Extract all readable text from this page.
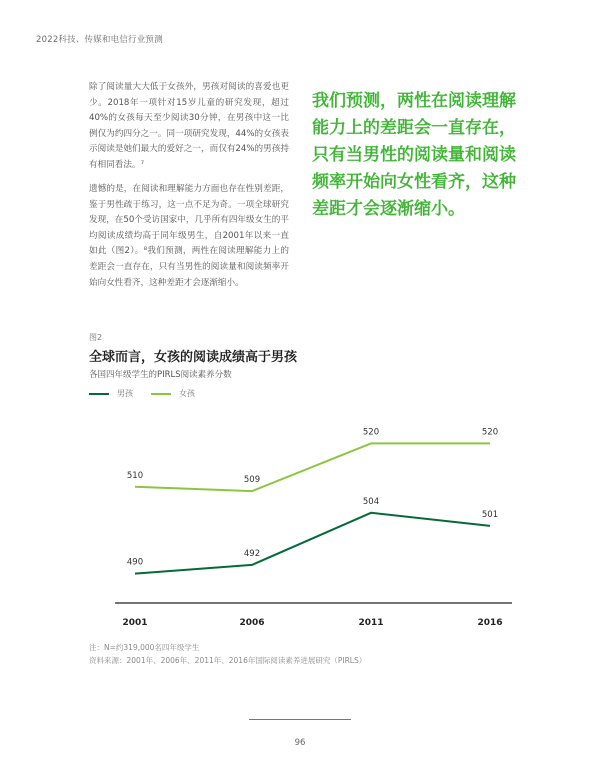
2022科技、传媒和电信行业预测
除了阅读量大大低于女孩外，男孩对阅读的喜爱也更少。2018年一项针对15岁儿童的研究发现，超过40%的女孩每天至少阅读30分钟，在男孩中这一比例仅为约四分之一。同一项研究发现，44%的女孩表示阅读是她们最大的爱好之一，而仅有24%的男孩持有相同看法。⁷
遗憾的是，在阅读和理解能力方面也存在性别差距，鉴于男性疏于练习，这一点不足为奇。一项全球研究发现，在50个受访国家中，几乎所有四年级女生的平均阅读成绩均高于同年级男生，自2001年以来一直如此（图2）。⁸我们预测，两性在阅读理解能力上的差距会一直存在，只有当男性的阅读量和阅读频率开始向女性看齐，这种差距才会逐渐缩小。
我们预测，两性在阅读理解能力上的差距会一直存在，只有当男性的阅读量和阅读频率开始向女性看齐，这种差距才会逐渐缩小。
图2
全球而言，女孩的阅读成绩高于男孩
各国四年级学生的PIRLS阅读素养分数
男孩	女孩
2001	2006	2011	2016
490
492
504
501
510	509
520	520
注：N=约319,000名四年级学生
资料来源：2001年、2006年、2011年、2016年国际阅读素养进展研究（PIRLS）
96
